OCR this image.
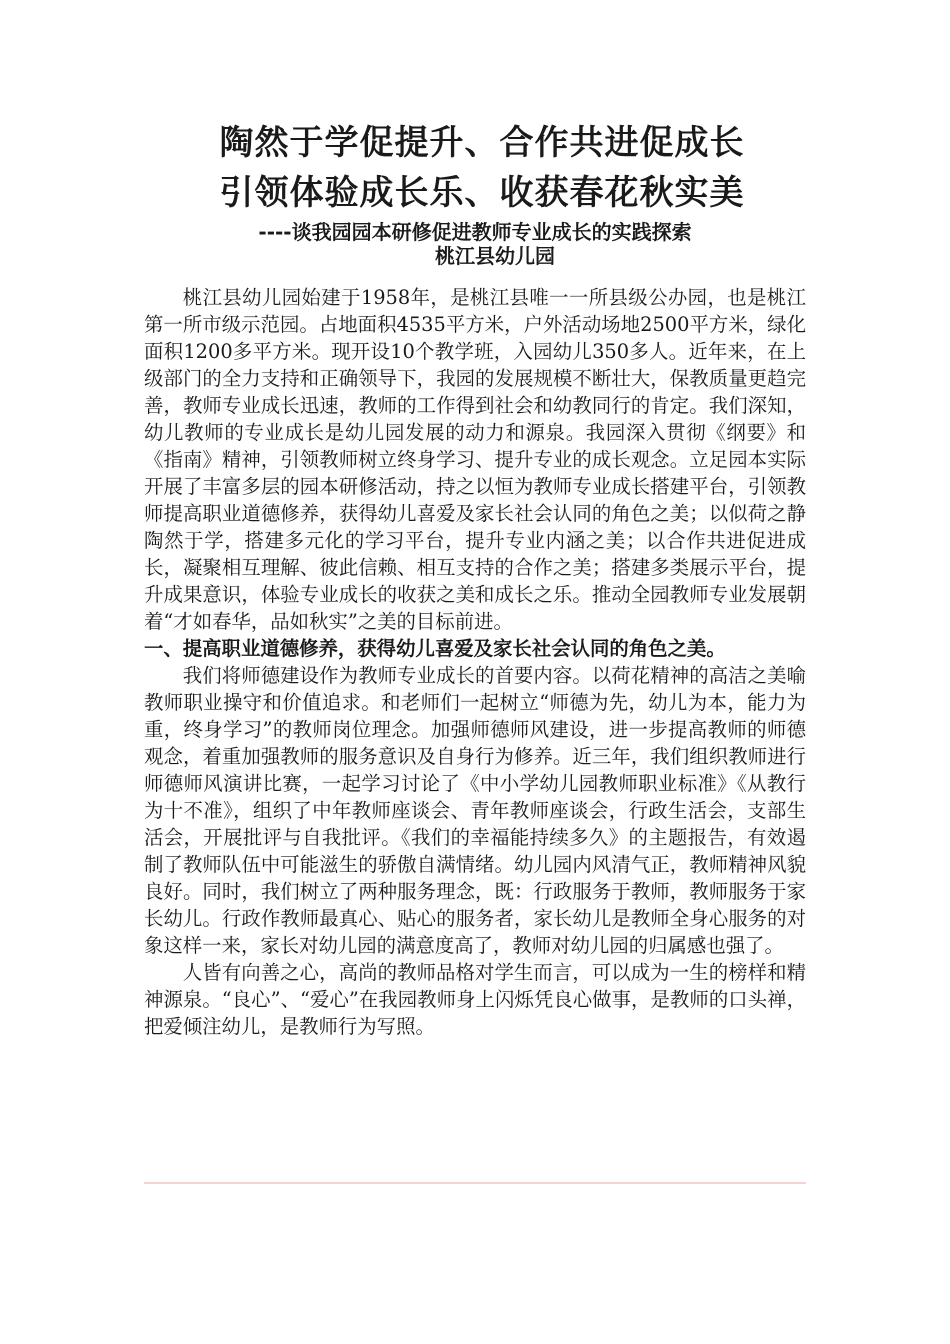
陶然于学促提升、合作共进促成长
引领体验成长乐、收获春花秋实美
----谈我园园本研修促进教师专业成长的实践探索
桃江县幼儿园

桃江县幼儿园始建于1958年，是桃江县唯一一所县级公办园，也是桃江第一所市级示范园。占地面积4535平方米，户外活动场地2500平方米，绿化面积1200多平方米。现开设10个教学班，入园幼儿350多人。近年来，在上级部门的全力支持和正确领导下，我园的发展规模不断壮大，保教质量更趋完善，教师专业成长迅速，教师的工作得到社会和幼教同行的肯定。我们深知，幼儿教师的专业成长是幼儿园发展的动力和源泉。我园深入贯彻《纲要》和《指南》精神，引领教师树立终身学习、提升专业的成长观念。立足园本实际开展了丰富多层的园本研修活动，持之以恒为教师专业成长搭建平台，引领教师提高职业道德修养，获得幼儿喜爱及家长社会认同的角色之美；以似荷之静陶然于学，搭建多元化的学习平台，提升专业内涵之美；以合作共进促进成长，凝聚相互理解、彼此信赖、相互支持的合作之美；搭建多类展示平台，提升成果意识，体验专业成长的收获之美和成长之乐。推动全园教师专业发展朝着“才如春华，品如秋实”之美的目标前进。

一、提高职业道德修养，获得幼儿喜爱及家长社会认同的角色之美。

我们将师德建设作为教师专业成长的首要内容。以荷花精神的高洁之美喻教师职业操守和价值追求。和老师们一起树立“师德为先，幼儿为本，能力为重，终身学习”的教师岗位理念。加强师德师风建设，进一步提高教师的师德观念，着重加强教师的服务意识及自身行为修养。近三年，我们组织教师进行师德师风演讲比赛，一起学习讨论了《中小学幼儿园教师职业标准》《从教行为十不准》，组织了中年教师座谈会、青年教师座谈会，行政生活会，支部生活会，开展批评与自我批评。《我们的幸福能持续多久》的主题报告，有效遏制了教师队伍中可能滋生的骄傲自满情绪。幼儿园内风清气正，教师精神风貌良好。同时，我们树立了两种服务理念，既：行政服务于教师，教师服务于家长幼儿。行政作教师最真心、贴心的服务者，家长幼儿是教师全身心服务的对象这样一来，家长对幼儿园的满意度高了，教师对幼儿园的归属感也强了。

人皆有向善之心，高尚的教师品格对学生而言，可以成为一生的榜样和精神源泉。“良心”、“爱心”在我园教师身上闪烁凭良心做事，是教师的口头禅，把爱倾注幼儿，是教师行为写照。
